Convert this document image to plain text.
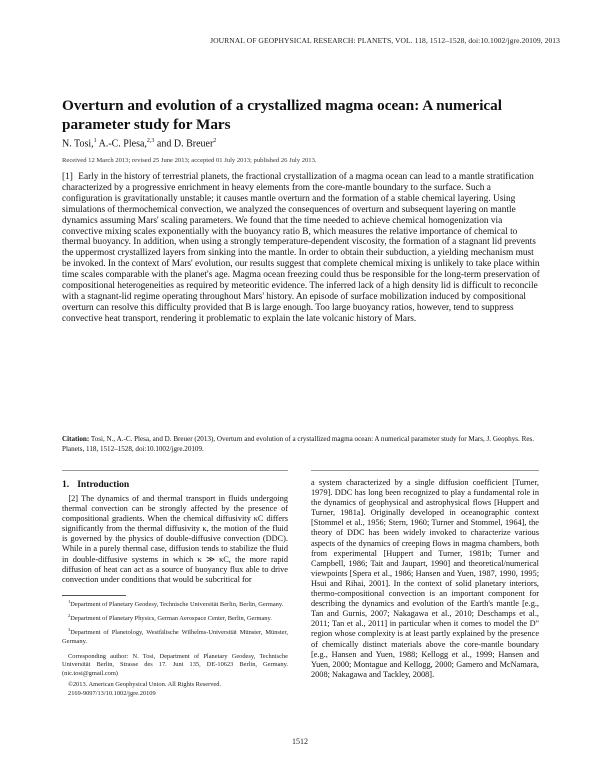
JOURNAL OF GEOPHYSICAL RESEARCH: PLANETS, VOL. 118, 1512–1528, doi:10.1002/jgre.20109, 2013
Overturn and evolution of a crystallized magma ocean: A numerical parameter study for Mars
N. Tosi,$^1$ A.-C. Plesa,$^{2,3}$ and D. Breuer$^2$
Received 12 March 2013; revised 25 June 2013; accepted 01 July 2013; published 26 July 2013.

[1] Early in the history of terrestrial planets, the fractional crystallization of a magma ocean can lead to a mantle stratification characterized by a progressive enrichment in heavy elements from the core-mantle boundary to the surface. Such a configuration is gravitationally unstable; it causes mantle overturn and the formation of a stable chemical layering. Using simulations of thermochemical convection, we analyzed the consequences of overturn and subsequent layering on mantle dynamics assuming Mars' scaling parameters. We found that the time needed to achieve chemical homogenization via convective mixing scales exponentially with the buoyancy ratio B, which measures the relative importance of chemical to thermal buoyancy. In addition, when using a strongly temperature-dependent viscosity, the formation of a stagnant lid prevents the uppermost crystallized layers from sinking into the mantle. In order to obtain their subduction, a yielding mechanism must be invoked. In the context of Mars' evolution, our results suggest that complete chemical mixing is unlikely to take place within time scales comparable with the planet's age. Magma ocean freezing could thus be responsible for the long-term preservation of compositional heterogeneities as required by meteoritic evidence. The inferred lack of a high density lid is difficult to reconcile with a stagnant-lid regime operating throughout Mars' history. An episode of surface mobilization induced by compositional overturn can resolve this difficulty provided that B is large enough. Too large buoyancy ratios, however, tend to suppress convective heat transport, rendering it problematic to explain the late volcanic history of Mars.

Citation: Tosi, N., A.-C. Plesa, and D. Breuer (2013), Overturn and evolution of a crystallized magma ocean: A numerical parameter study for Mars, J. Geophys. Res. Planets, 118, 1512–1528, doi:10.1002/jgre.20109.

1. Introduction

[2] The dynamics of and thermal transport in fluids undergoing thermal convection can be strongly affected by the presence of compositional gradients. When the chemical diffusivity κC differs significantly from the thermal diffusivity κ, the motion of the fluid is governed by the physics of double-diffusive convection (DDC). While in a purely thermal case, diffusion tends to stabilize the fluid in double-diffusive systems in which κ ≫ κC, the more rapid diffusion of heat can act as a source of buoyancy flux able to drive convection under conditions that would be subcritical for

a system characterized by a single diffusion coefficient [Turner, 1979]. DDC has long been recognized to play a fundamental role in the dynamics of geophysical and astrophysical flows [Huppert and Turner, 1981a]. Originally developed in oceanographic context [Stommel et al., 1956; Stern, 1960; Turner and Stommel, 1964], the theory of DDC has been widely invoked to characterize various aspects of the dynamics of creeping flows in magma chambers, both from experimental [Huppert and Turner, 1981b; Turner and Campbell, 1986; Tait and Jaupart, 1990] and theoretical/numerical viewpoints [Spera et al., 1986; Hansen and Yuen, 1987, 1990, 1995; Hsui and Rihai, 2001]. In the context of solid planetary interiors, thermo-compositional convection is an important component for describing the dynamics and evolution of the Earth's mantle [e.g., Tan and Gurnis, 2007; Nakagawa et al., 2010; Deschamps et al., 2011; Tan et al., 2011] in particular when it comes to model the D" region whose complexity is at least partly explained by the presence of chemically distinct materials above the core-mantle boundary [e.g., Hansen and Yuen, 1988; Kellogg et al., 1999; Hansen and Yuen, 2000; Montague and Kellogg, 2000; Gamero and McNamara, 2008; Nakagawa and Tackley, 2008].

$^1$Department of Planetary Geodesy, Technische Universität Berlin, Berlin, Germany.

$^2$Department of Planetary Physics, German Aerospace Center, Berlin, Germany.

$^3$Department of Planetology, Westfälische Wilhelms-Universität Münster, Münster, Germany.

Corresponding author: N. Tosi, Department of Planetary Geodesy, Technische Universität Berlin, Strasse des 17. Juni 135, DE-10623 Berlin, Germany. (nic.tosi@gmail.com)

©2013. American Geophysical Union. All Rights Reserved.

2169-9097/13/10.1002/jgre.20109

1512
